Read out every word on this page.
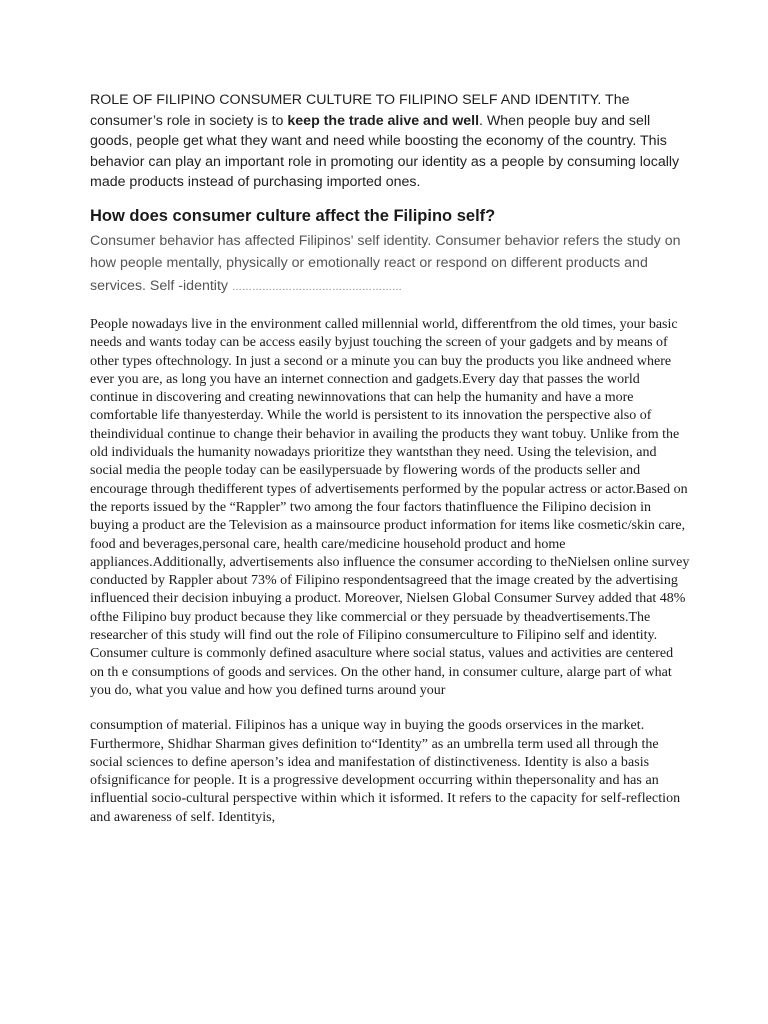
ROLE OF FILIPINO CONSUMER CULTURE TO FILIPINO SELF AND IDENTITY. The consumer’s role in society is to keep the trade alive and well. When people buy and sell goods, people get what they want and need while boosting the economy of the country. This behavior can play an important role in promoting our identity as a people by consuming locally made products instead of purchasing imported ones.

How does consumer culture affect the Filipino self?

Consumer behavior has affected Filipinos' self identity. Consumer behavior refers the study on how people mentally, physically or emotionally react or respond on different products and services. Self -identity ……………………………………………

People nowadays live in the environment called millennial world, differentfrom the old times, your basic needs and wants today can be access easily byjust touching the screen of your gadgets and by means of other types oftechnology. In just a second or a minute you can buy the products you like andneed where ever you are, as long you have an internet connection and gadgets.Every day that passes the world continue in discovering and creating newinnovations that can help the humanity and have a more comfortable life thanyesterday. While the world is persistent to its innovation the perspective also of theindividual continue to change their behavior in availing the products they want tobuy. Unlike from the old individuals the humanity nowadays prioritize they wantsthan they need. Using the television, and social media the people today can be easilypersuade by flowering words of the products seller and encourage through thedifferent types of advertisements performed by the popular actress or actor.Based on the reports issued by the “Rappler” two among the four factors thatinfluence the Filipino decision in buying a product are the Television as a mainsource product information for items like cosmetic/skin care, food and beverages,personal care, health care/medicine household product and home appliances.Additionally, advertisements also influence the consumer according to theNielsen online survey conducted by Rappler about 73% of Filipino respondentsagreed that the image created by the advertising influenced their decision inbuying a product. Moreover, Nielsen Global Consumer Survey added that 48% ofthe Filipino buy product because they like commercial or they persuade by theadvertisements.The researcher of this study will find out the role of Filipino consumerculture to Filipino self and identity. Consumer culture is commonly defined asaculture where social status, values and activities are centered on th e consumptions of goods and services. On the other hand, in consumer culture, alarge part of what you do, what you value and how you defined turns around your

consumption of material. Filipinos has a unique way in buying the goods orservices in the market. Furthermore, Shidhar Sharman gives definition to“Identity” as an umbrella term used all through the social sciences to define aperson’s idea and manifestation of distinctiveness. Identity is also a basis ofsignificance for people. It is a progressive development occurring within thepersonality and has an influential socio-cultural perspective within which it isformed. It refers to the capacity for self-reflection and awareness of self. Identityis,
